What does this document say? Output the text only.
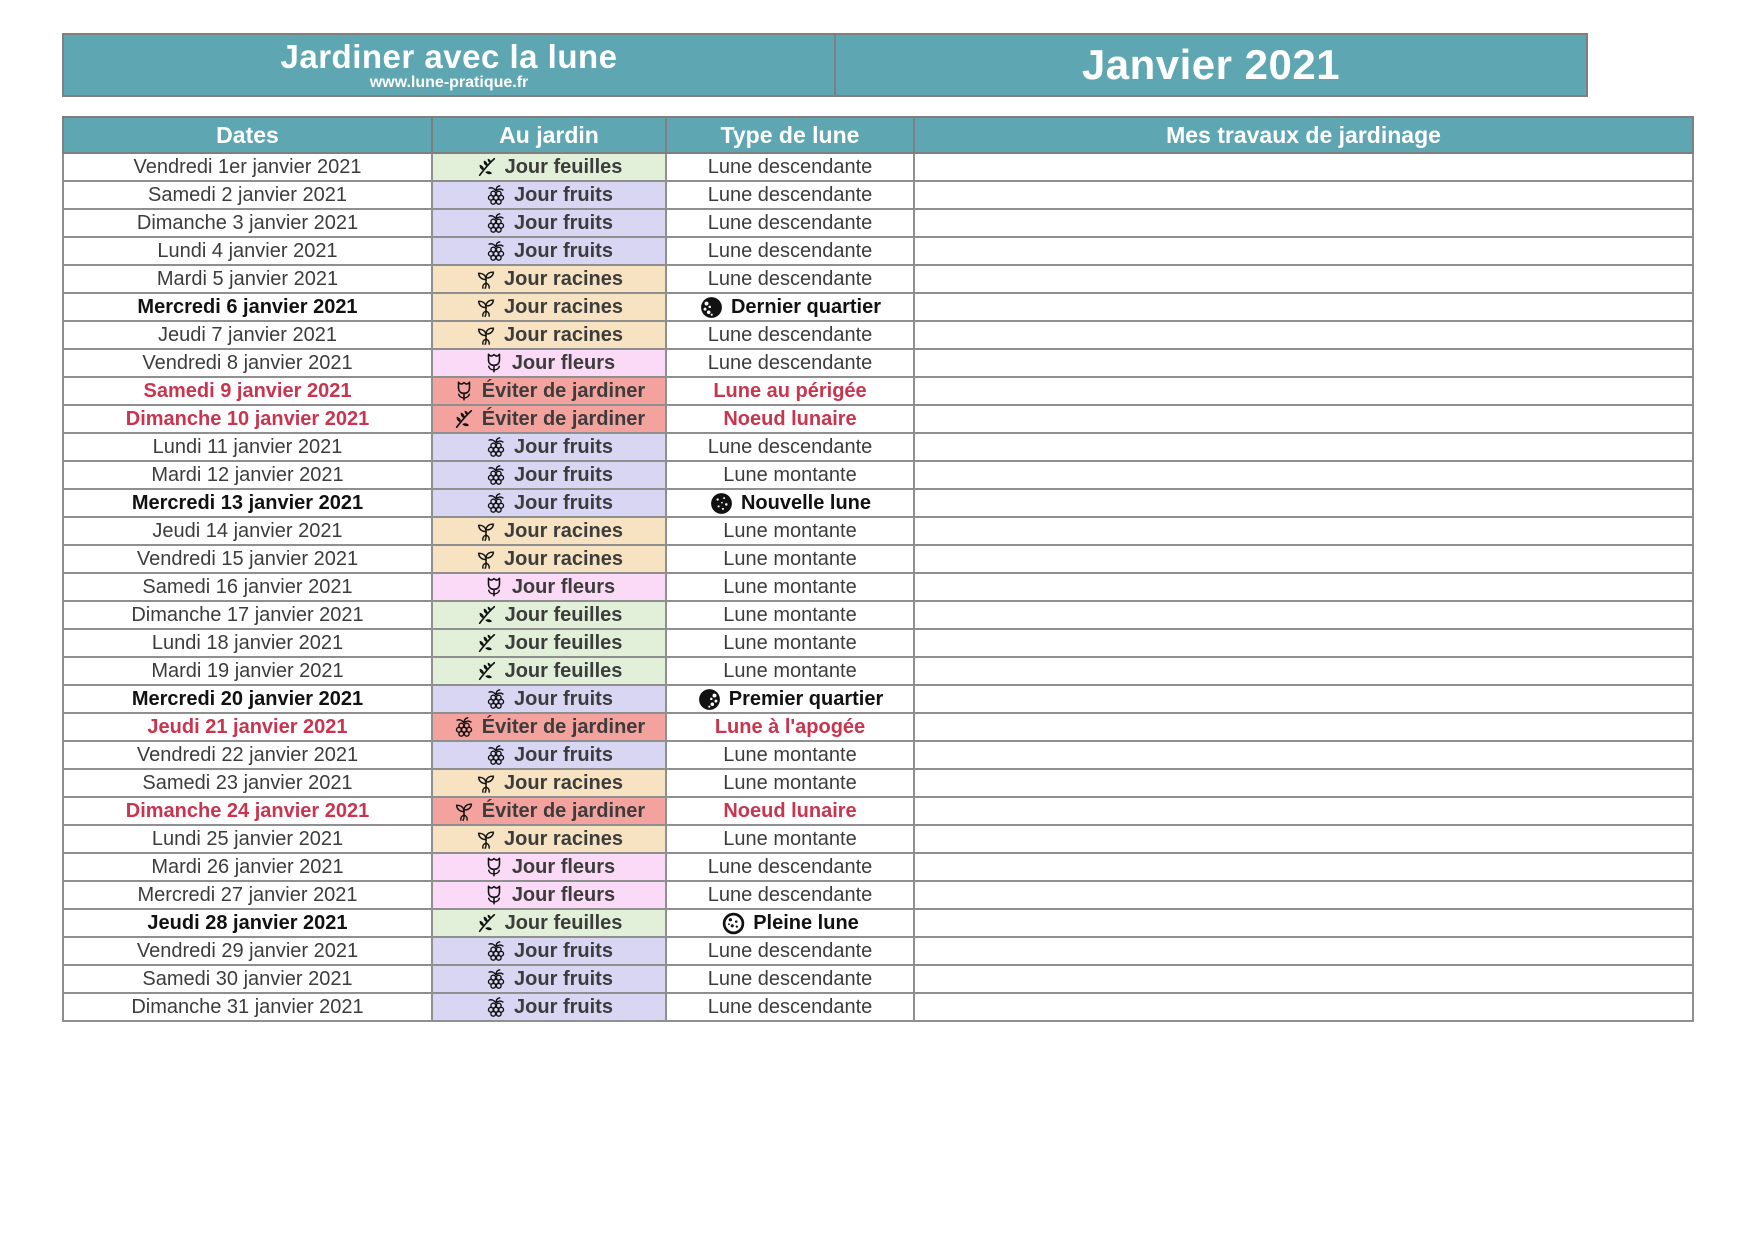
Jardiner avec la lune
www.lune-pratique.fr	Janvier 2021
Dates	Au jardin	Type de lune	Mes travaux de jardinage
Vendredi 1er janvier 2021	Jour feuilles	Lune descendante	

Samedi 2 janvier 2021	Jour fruits	Lune descendante	

Dimanche 3 janvier 2021	Jour fruits	Lune descendante	

Lundi 4 janvier 2021	Jour fruits	Lune descendante	

Mardi 5 janvier 2021	Jour racines	Lune descendante	

Mercredi 6 janvier 2021	Jour racines	Dernier quartier	

Jeudi 7 janvier 2021	Jour racines	Lune descendante	

Vendredi 8 janvier 2021	Jour fleurs	Lune descendante	

Samedi 9 janvier 2021	Éviter de jardiner	Lune au périgée	

Dimanche 10 janvier 2021	Éviter de jardiner	Noeud lunaire	

Lundi 11 janvier 2021	Jour fruits	Lune descendante	

Mardi 12 janvier 2021	Jour fruits	Lune montante	

Mercredi 13 janvier 2021	Jour fruits	Nouvelle lune	

Jeudi 14 janvier 2021	Jour racines	Lune montante	

Vendredi 15 janvier 2021	Jour racines	Lune montante	

Samedi 16 janvier 2021	Jour fleurs	Lune montante	

Dimanche 17 janvier 2021	Jour feuilles	Lune montante	

Lundi 18 janvier 2021	Jour feuilles	Lune montante	

Mardi 19 janvier 2021	Jour feuilles	Lune montante	

Mercredi 20 janvier 2021	Jour fruits	Premier quartier	

Jeudi 21 janvier 2021	Éviter de jardiner	Lune à l'apogée	

Vendredi 22 janvier 2021	Jour fruits	Lune montante	

Samedi 23 janvier 2021	Jour racines	Lune montante	

Dimanche 24 janvier 2021	Éviter de jardiner	Noeud lunaire	

Lundi 25 janvier 2021	Jour racines	Lune montante	

Mardi 26 janvier 2021	Jour fleurs	Lune descendante	

Mercredi 27 janvier 2021	Jour fleurs	Lune descendante	

Jeudi 28 janvier 2021	Jour feuilles	Pleine lune	

Vendredi 29 janvier 2021	Jour fruits	Lune descendante	

Samedi 30 janvier 2021	Jour fruits	Lune descendante	

Dimanche 31 janvier 2021	Jour fruits	Lune descendante	
